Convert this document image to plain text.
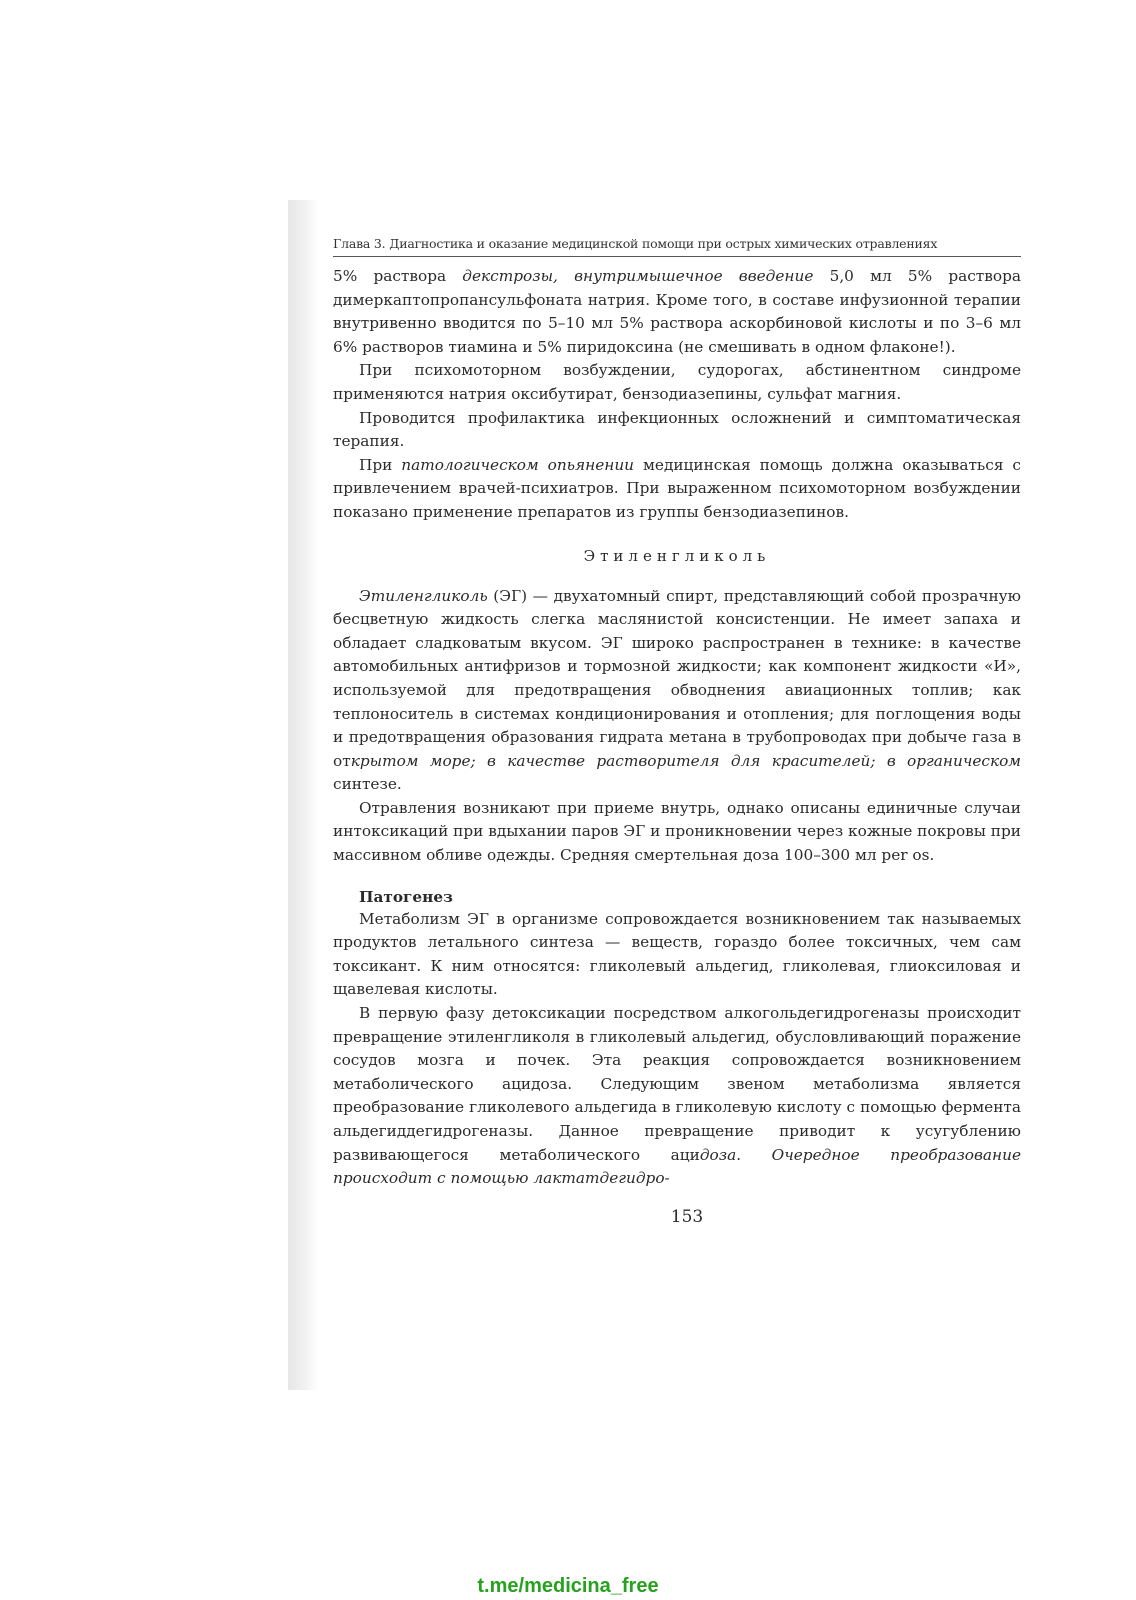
Глава 3. Диагностика и оказание медицинской помощи при острых химических отравлениях

5% раствора декстрозы, внутримышечное введение 5,0 мл 5% раствора димеркаптопропансульфоната натрия. Кроме того, в составе инфузионной терапии внутривенно вводится по 5–10 мл 5% раствора аскорбиновой кислоты и по 3–6 мл 6% растворов тиамина и 5% пиридоксина (не смешивать в одном флаконе!).

При психомоторном возбуждении, судорогах, абстинентном синдроме применяются натрия оксибутират, бензодиазепины, сульфат магния.

Проводится профилактика инфекционных осложнений и симптоматическая терапия.

При патологическом опьянении медицинская помощь должна оказываться с привлечением врачей-психиатров. При выраженном психомоторном возбуждении показано применение препаратов из группы бензодиазепинов.

Этиленгликоль

Этиленгликоль (ЭГ) — двухатомный спирт, представляющий собой прозрачную бесцветную жидкость слегка маслянистой консистенции. Не имеет запаха и обладает сладковатым вкусом. ЭГ широко распространен в технике: в качестве автомобильных антифризов и тормозной жидкости; как компонент жидкости «И», используемой для предотвращения обводнения авиационных топлив; как теплоноситель в системах кондиционирования и отопления; для поглощения воды и предотвращения образования гидрата метана в трубопроводах при добыче газа в открытом море; в качестве растворителя для красителей; в органическом синтезе.

Отравления возникают при приеме внутрь, однако описаны единичные случаи интоксикаций при вдыхании паров ЭГ и проникновении через кожные покровы при массивном обливе одежды. Средняя смертельная доза 100–300 мл per os.

Патогенез

Метаболизм ЭГ в организме сопровождается возникновением так называемых продуктов летального синтеза — веществ, гораздо более токсичных, чем сам токсикант. К ним относятся: гликолевый альдегид, гликолевая, глиоксиловая и щавелевая кислоты.

В первую фазу детоксикации посредством алкогольдегидрогеназы происходит превращение этиленгликоля в гликолевый альдегид, обусловливающий поражение сосудов мозга и почек. Эта реакция сопровождается возникновением метаболического ацидоза. Следующим звеном метаболизма является преобразование гликолевого альдегида в гликолевую кислоту с помощью фермента альдегиддегидрогеназы. Данное превращение приводит к усугублению развивающегося метаболического ацидоза. Очередное преобразование происходит с помощью лактатдегидро-

153
t.me/medicina_free
